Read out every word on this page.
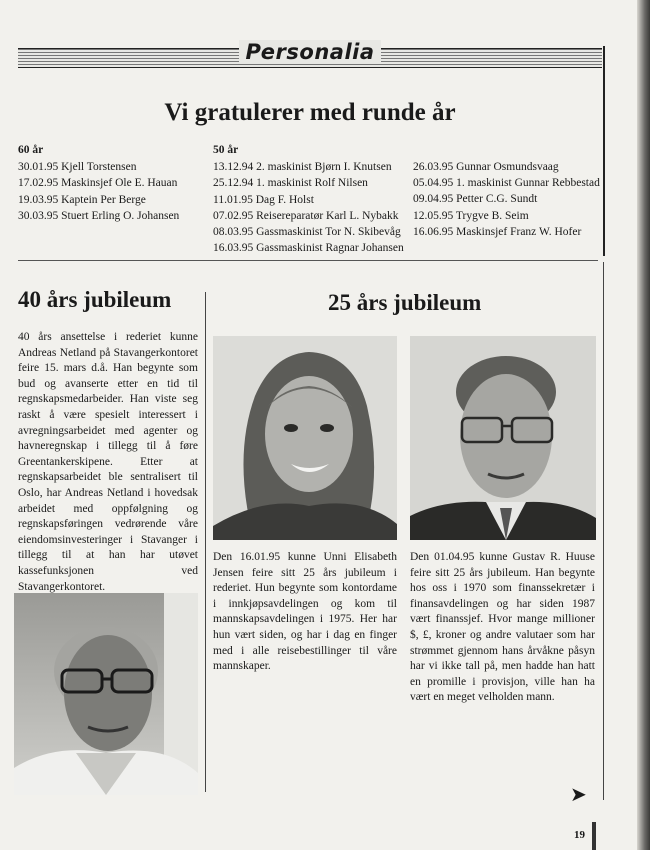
Personalia
Vi gratulerer med runde år
60 år
30.01.95 Kjell Torstensen
17.02.95 Maskinsjef Ole E. Hauan
19.03.95 Kaptein Per Berge
30.03.95 Stuert Erling O. Johansen
50 år
13.12.94 2. maskinist Bjørn I. Knutsen
25.12.94 1. maskinist Rolf Nilsen
11.01.95 Dag F. Holst
07.02.95 Reisereparatør Karl L. Nybakk
08.03.95 Gassmaskinist Tor N. Skibevåg
16.03.95 Gassmaskinist Ragnar Johansen
26.03.95 Gunnar Osmundsvaag
05.04.95 1. maskinist Gunnar Rebbestad
09.04.95 Petter C.G. Sundt
12.05.95 Trygve B. Seim
16.06.95 Maskinsjef Franz W. Hofer
40 års jubileum
40 års ansettelse i rederiet kunne Andreas Netland på Stavangerkontoret feire 15. mars d.å. Han begynte som bud og avanserte etter en tid til regnskapsmedarbeider. Han viste seg raskt å være spesielt interessert i avregningsarbeidet med agenter og havneregnskap i tillegg til å føre Greentankerskipene. Etter at regnskapsarbeidet ble sentralisert til Oslo, har Andreas Netland i hovedsak arbeidet med oppfølgning og regnskapsføringen vedrørende våre eiendomsinvesteringer i Stavanger i tillegg til at han har utøvet kassefunksjonen ved Stavangerkontoret.
25 års jubileum
Den 16.01.95 kunne Unni Elisabeth Jensen feire sitt 25 års jubileum i rederiet. Hun begynte som kontordame i innkjøpsavdelingen og kom til mannskapsavdelingen i 1975. Her har hun vært siden, og har i dag en finger med i alle reisebestillinger til våre mannskaper.
Den 01.04.95 kunne Gustav R. Huuse feire sitt 25 års jubileum. Han begynte hos oss i 1970 som finanssekretær i finansavdelingen og har siden 1987 vært finanssjef. Hvor mange millioner $, £, kroner og andre valutaer som har strømmet gjennom hans årvåkne påsyn har vi ikke tall på, men hadde han hatt en promille i provisjon, ville han ha vært en meget velholden mann.
➤
19
